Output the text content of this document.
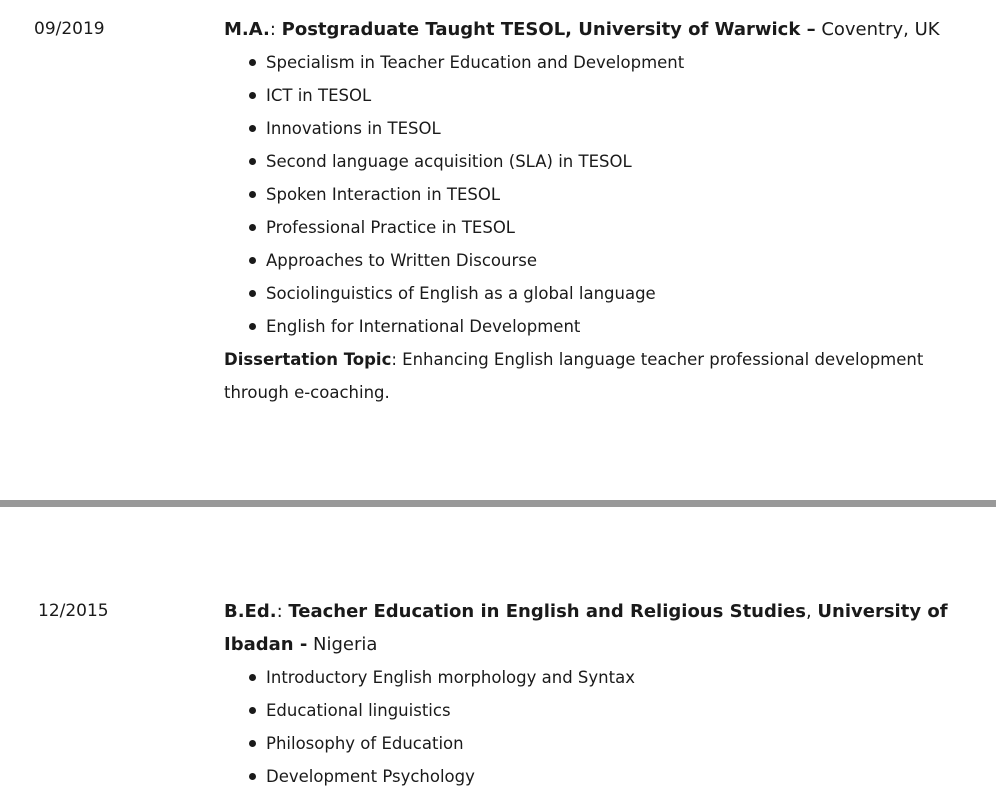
09/2019	M.A.: Postgraduate Taught TESOL, University of Warwick – Coventry, UK

Specialism in Teacher Education and Development
ICT in TESOL
Innovations in TESOL
Second language acquisition (SLA) in TESOL
Spoken Interaction in TESOL
Professional Practice in TESOL
Approaches to Written Discourse
Sociolinguistics of English as a global language
English for International Development

Dissertation Topic: Enhancing English language teacher professional development through e-coaching.

12/2015	B.Ed.: Teacher Education in English and Religious Studies, University of Ibadan - Nigeria

Introductory English morphology and Syntax
Educational linguistics
Philosophy of Education
Development Psychology
